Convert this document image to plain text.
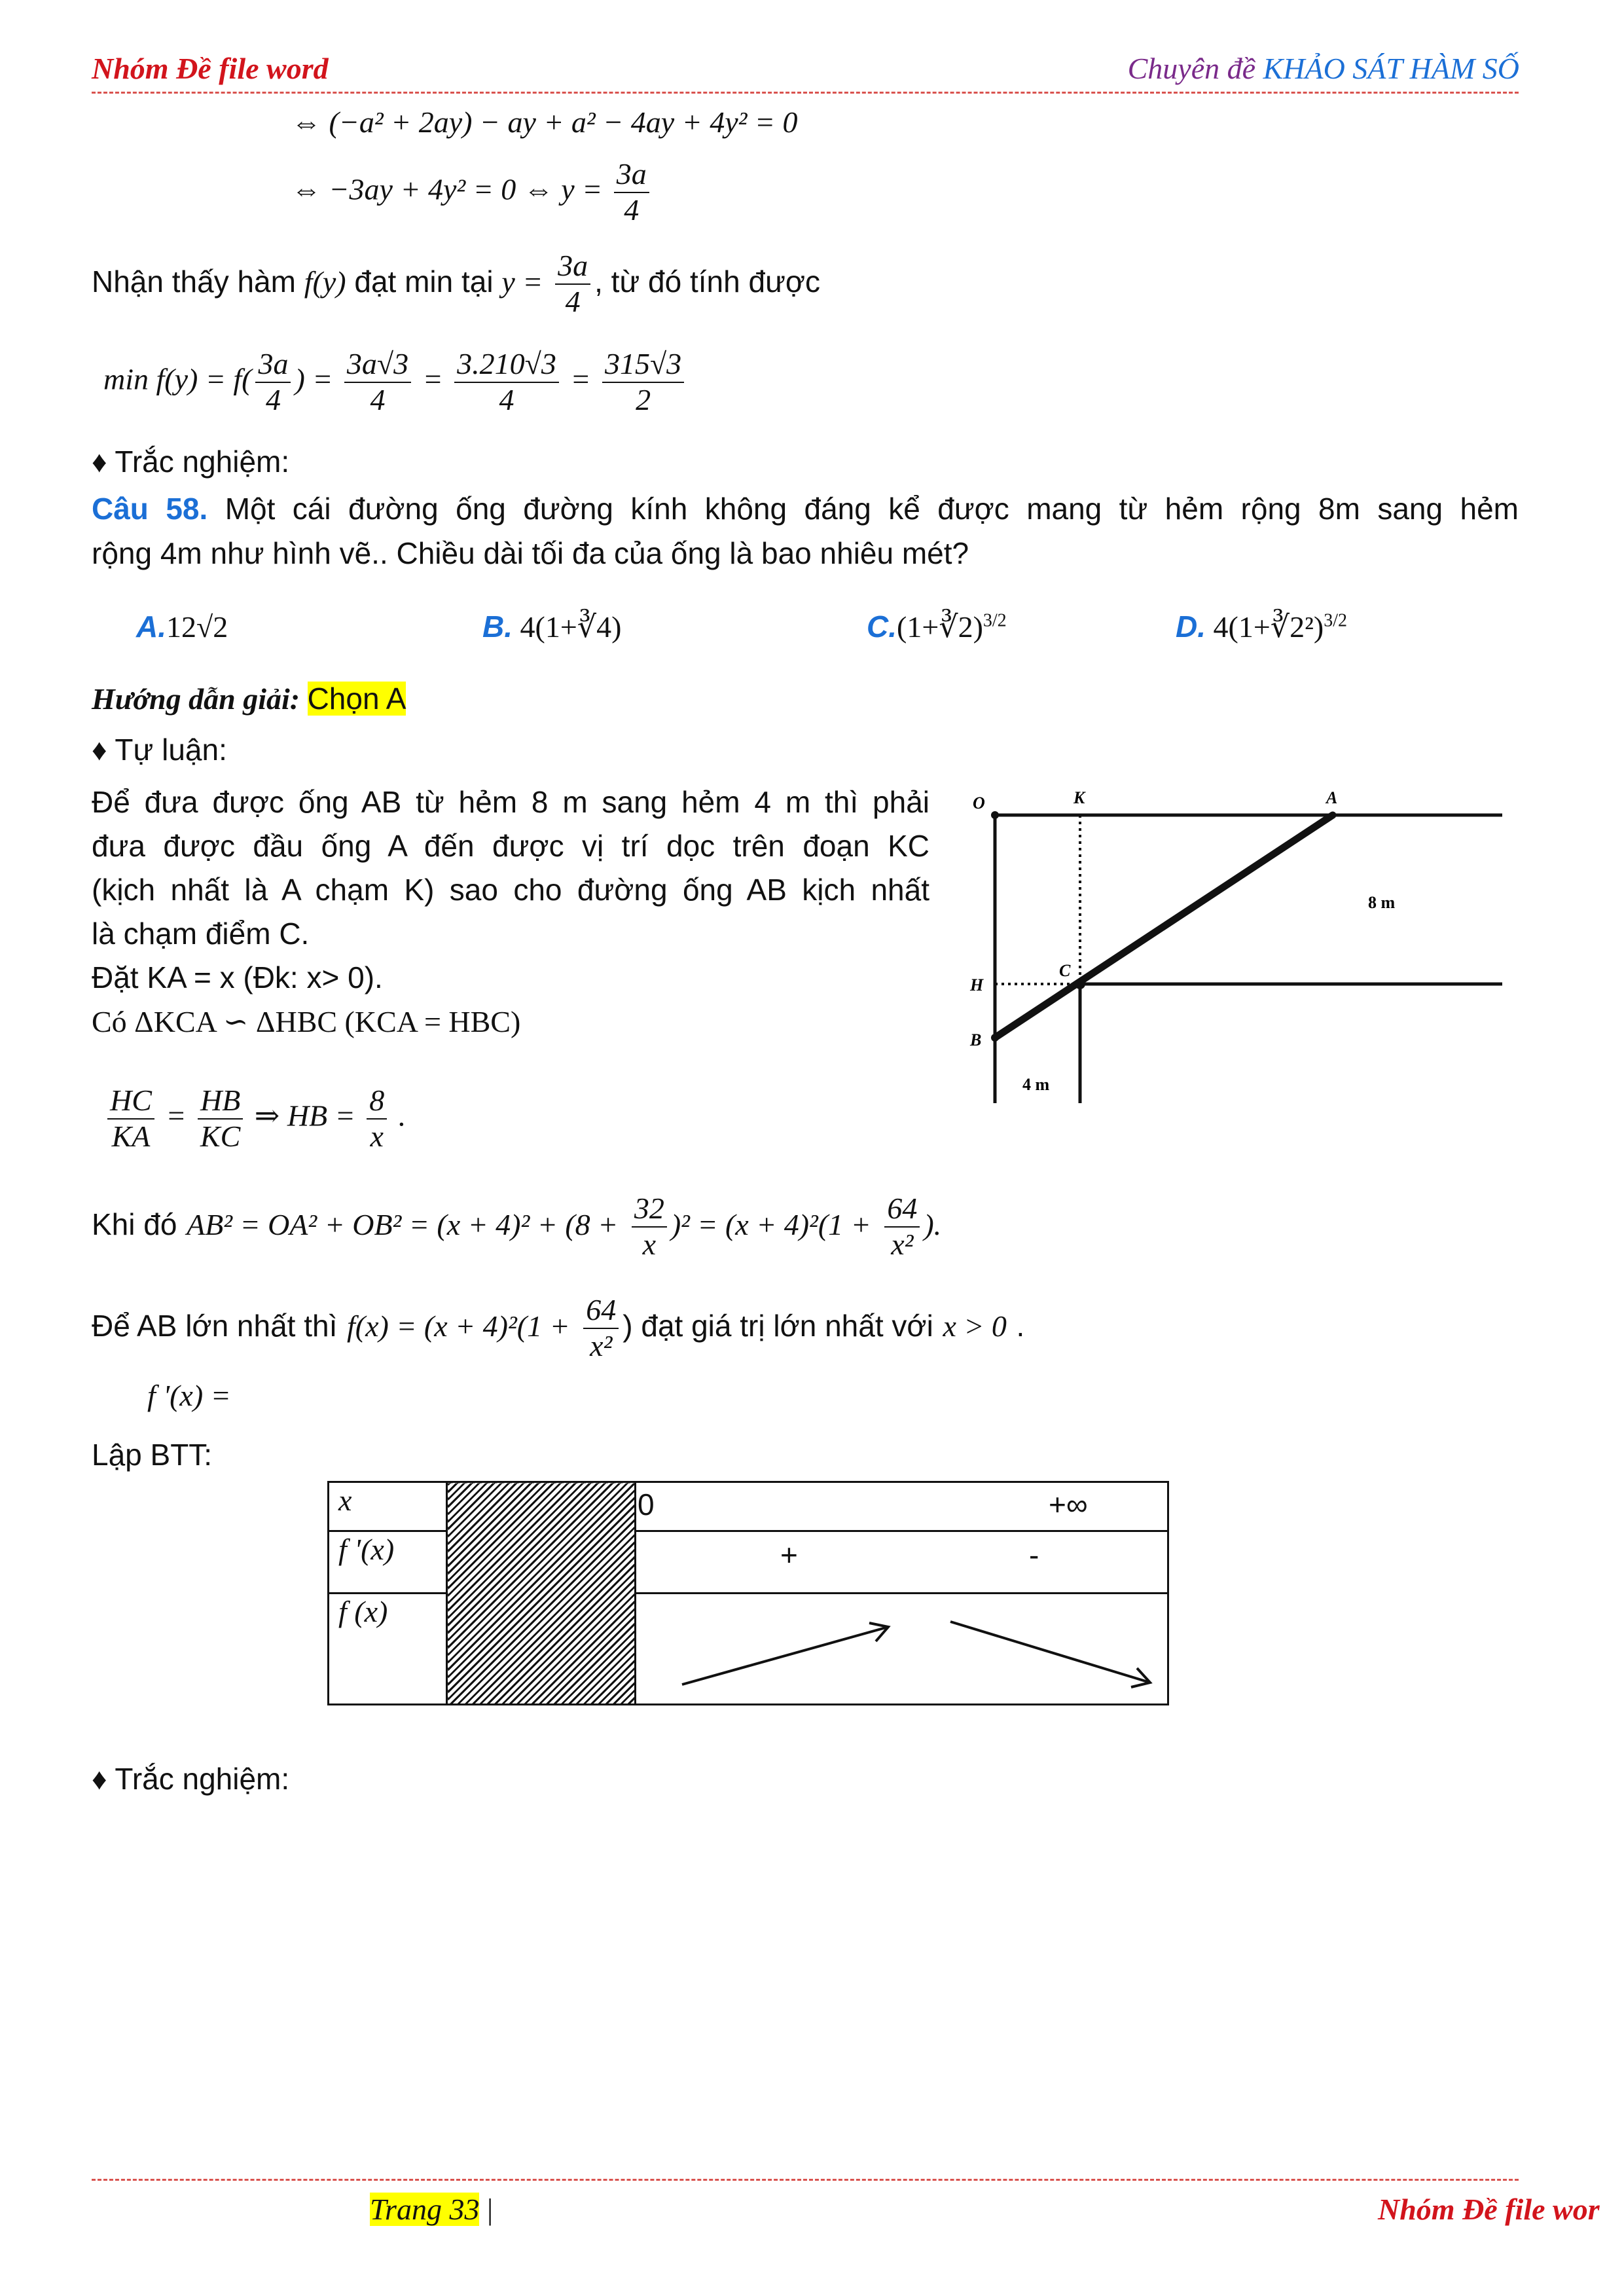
Nhóm Đề file word	Chuyên đề KHẢO SÁT HÀM SỐ
⇔ (−a² + 2ay) − ay + a² − 4ay + 4y² = 0
⇔ −3ay + 4y² = 0 ⇔ $y = \frac{3a}{4}$
Nhận thấy hàm f(y) đạt min tại $y = \frac{3a}{4}$ , từ đó tính được
$\min f(y) = f( \frac{3a}{4}$ ) = $\frac{3a√3}{4} = \frac{3.210√3}{4} = \frac{315√3}{2}$
♦ Trắc nghiệm:
Câu 58. Một cái đường ống đường kính không đáng kể được mang từ hẻm rộng 8m sang hẻm
rộng 4m như hình vẽ.. Chiều dài tối đa của ống là bao nhiêu mét?
A.12√2	B. 4(1+∛4)	C.(1+∛2)$^{3/2}$	D. 4(1+∛2²)$^{3/2}$
Hướng dẫn giải: Chọn A
♦ Tự luận:
Để đưa được ống AB từ hẻm 8 m sang hẻm 4 m thì phải
đưa được đầu ống A đến được vị trí dọc trên đoạn KC
(kịch nhất là A chạm K) sao cho đường ống AB kịch nhất
là chạm điểm C.
Đặt KA = x (Đk: x> 0).
Có ΔKCA ∽ ΔHBC (KCA = HBC)
$\frac{HC}{KA} = \frac{HB}{KC}$ ⇒ HB = $\frac{8}{x}$ .
Khi đó $AB^2 = OA^2 + OB^2 = (x + 4)^2 + (8 + \frac{32}{x} )^2 = (x + 4)^2(1 + \frac{64}{\text{x²}}$ ).
Để AB lớn nhất thì $f(x) = (x + 4)^2(1 + \frac{64}{\text{x²}}$ ) đạt giá trị lớn nhất với x > 0 .
f '(x) =
Lập BTT:
O	K	A
H
C
B
8 m
4 m
x		0 +∞

f '(x)		+ -

f (x)	
♦ Trắc nghiệm:
Trang 33 |	Nhóm Đề file wor
